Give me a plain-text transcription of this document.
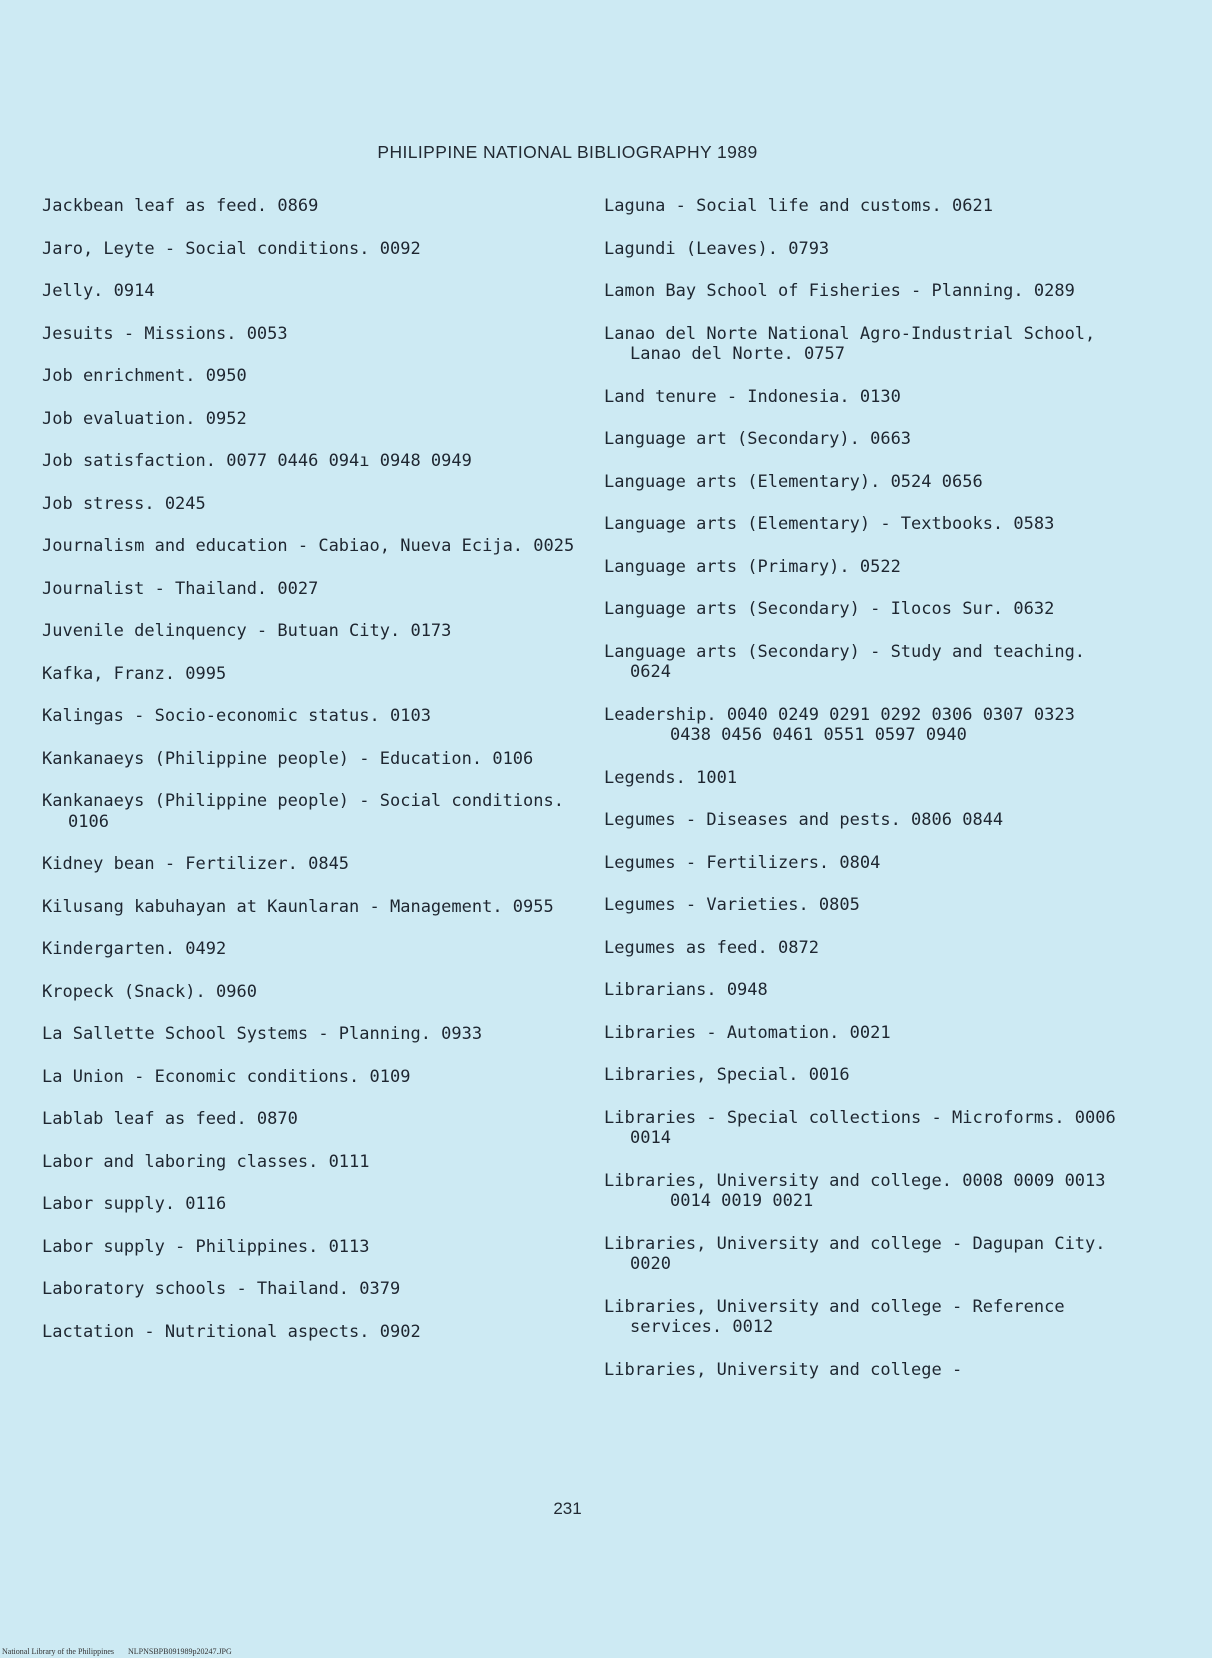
PHILIPPINE NATIONAL BIBLIOGRAPHY 1989
Jackbean leaf as feed. 0869
Jaro, Leyte - Social conditions. 0092
Jelly. 0914
Jesuits - Missions. 0053
Job enrichment. 0950
Job evaluation. 0952
Job satisfaction. 0077 0446 094ı 0948 0949
Job stress. 0245
Journalism and education - Cabiao, Nueva Ecija. 0025
Journalist - Thailand. 0027
Juvenile delinquency - Butuan City. 0173
Kafka, Franz. 0995
Kalingas - Socio-economic status. 0103
Kankanaeys (Philippine people) - Education. 0106
Kankanaeys (Philippine people) - Social conditions. 0106
Kidney bean - Fertilizer. 0845
Kilusang kabuhayan at Kaunlaran - Management. 0955
Kindergarten. 0492
Kropeck (Snack). 0960
La Sallette School Systems - Planning. 0933
La Union - Economic conditions. 0109
Lablab leaf as feed. 0870
Labor and laboring classes. 0111
Labor supply. 0116
Labor supply - Philippines. 0113
Laboratory schools - Thailand. 0379
Lactation - Nutritional aspects. 0902
Laguna - Social life and customs. 0621
Lagundi (Leaves). 0793
Lamon Bay School of Fisheries - Planning. 0289
Lanao del Norte National Agro-Industrial School, Lanao del Norte. 0757
Land tenure - Indonesia. 0130
Language art (Secondary). 0663
Language arts (Elementary). 0524 0656
Language arts (Elementary) - Textbooks. 0583
Language arts (Primary). 0522
Language arts (Secondary) - Ilocos Sur. 0632
Language arts (Secondary) - Study and teaching. 0624
Leadership. 0040 0249 0291 0292 0306 0307 0323 0438 0456 0461 0551 0597 0940
Legends. 1001
Legumes - Diseases and pests. 0806 0844
Legumes - Fertilizers. 0804
Legumes - Varieties. 0805
Legumes as feed. 0872
Librarians. 0948
Libraries - Automation. 0021
Libraries, Special. 0016
Libraries - Special collections - Microforms. 0006 0014
Libraries, University and college. 0008 0009 0013 0014 0019 0021
Libraries, University and college - Dagupan City. 0020
Libraries, University and college - Reference services. 0012
Libraries, University and college -
231
National Library of the Philippines NLPNSBPB091989p20247.JPG
